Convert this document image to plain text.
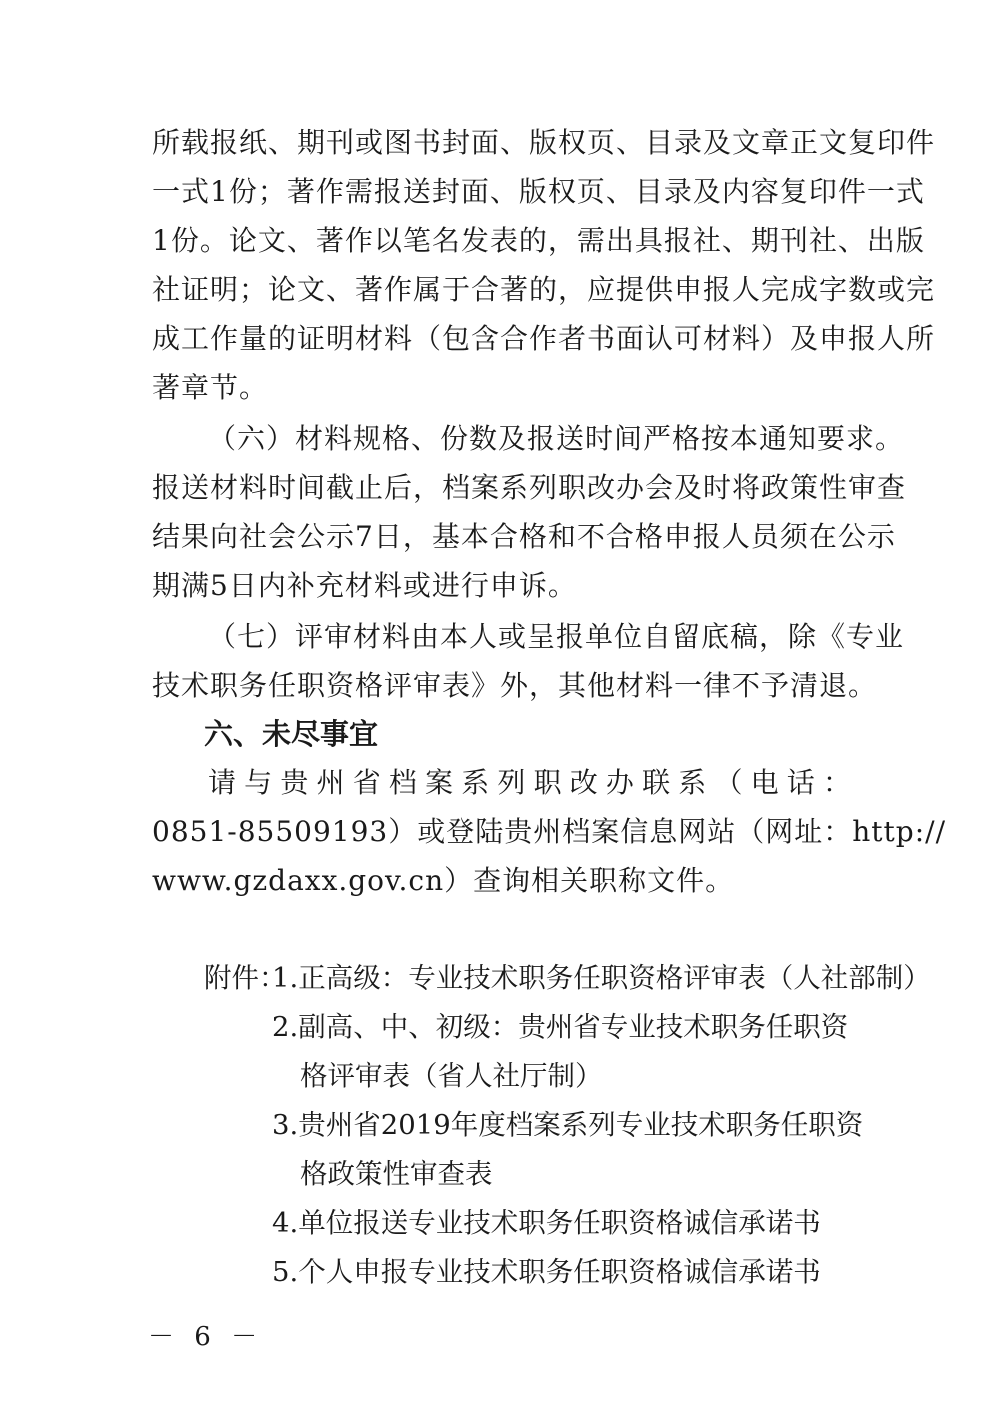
所载报纸、期刊或图书封面、版权页、目录及文章正文复印件
一式1份；著作需报送封面、版权页、目录及内容复印件一式
1份。论文、著作以笔名发表的，需出具报社、期刊社、出版
社证明；论文、著作属于合著的，应提供申报人完成字数或完
成工作量的证明材料（包含合作者书面认可材料）及申报人所
著章节。
（六）材料规格、份数及报送时间严格按本通知要求。
报送材料时间截止后，档案系列职改办会及时将政策性审查
结果向社会公示7日，基本合格和不合格申报人员须在公示
期满5日内补充材料或进行申诉。
（七）评审材料由本人或呈报单位自留底稿，除《专业
技术职务任职资格评审表》外，其他材料一律不予清退。
六、未尽事宜
请与贵州省档案系列职改办联系（电话：
0851-85509193）或登陆贵州档案信息网站（网址：http://
www.gzdaxx.gov.cn）查询相关职称文件。
附件：
1.正高级：专业技术职务任职资格评审表（人社部制）
2.副高、中、初级：贵州省专业技术职务任职资
格评审表（省人社厅制）
3.贵州省2019年度档案系列专业技术职务任职资
格政策性审查表
4.单位报送专业技术职务任职资格诚信承诺书
5.个人申报专业技术职务任职资格诚信承诺书
－ 6 －
